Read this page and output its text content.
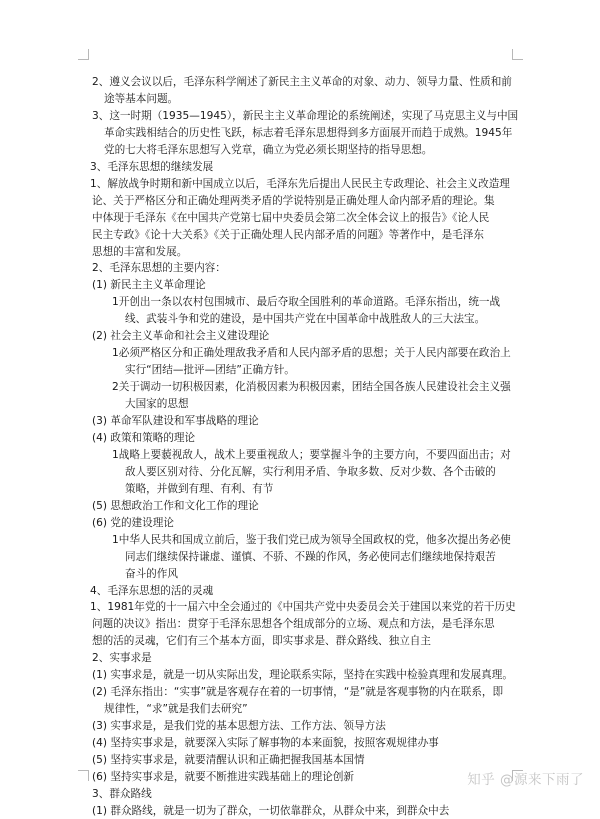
2、遵义会议以后，毛泽东科学阐述了新民主主义革命的对象、动力、领导力量、性质和前
途等基本问题。
3、这一时期（1935—1945），新民主主义革命理论的系统阐述，实现了马克思主义与中国
革命实践相结合的历史性飞跃，标志着毛泽东思想得到多方面展开而趋于成熟。1945年
党的七大将毛泽东思想写入党章，确立为党必须长期坚持的指导思想。
3、毛泽东思想的继续发展
1、解放战争时期和新中国成立以后，毛泽东先后提出人民民主专政理论、社会主义改造理
论、关于严格区分和正确处理两类矛盾的学说特别是正确处理人命内部矛盾的理论。集
中体现于毛泽东《在中国共产党第七届中央委员会第二次全体会议上的报告》《论人民
民主专政》《论十大关系》《关于正确处理人民内部矛盾的问题》等著作中，是毛泽东
思想的丰富和发展。
2、毛泽东思想的主要内容：
(1) 新民主主义革命理论
1开创出一条以农村包围城市、最后夺取全国胜利的革命道路。毛泽东指出，统一战
线、武装斗争和党的建设，是中国共产党在中国革命中战胜敌人的三大法宝。
(2) 社会主义革命和社会主义建设理论
1必须严格区分和正确处理敌我矛盾和人民内部矛盾的思想；关于人民内部要在政治上
实行“团结—批评—团结”正确方针。
2关于调动一切积极因素，化消极因素为积极因素，团结全国各族人民建设社会主义强
大国家的思想
(3) 革命军队建设和军事战略的理论
(4) 政策和策略的理论
1战略上要藐视敌人，战术上要重视敌人；要掌握斗争的主要方向，不要四面出击；对
敌人要区别对待、分化瓦解，实行利用矛盾、争取多数、反对少数、各个击破的
策略，并做到有理、有利、有节
(5) 思想政治工作和文化工作的理论
(6) 党的建设理论
1中华人民共和国成立前后，鉴于我们党已成为领导全国政权的党，他多次提出务必使
同志们继续保持谦虚、谨慎、不骄、不躁的作风，务必使同志们继续地保持艰苦
奋斗的作风
4、毛泽东思想的活的灵魂
1、1981年党的十一届六中全会通过的《中国共产党中央委员会关于建国以来党的若干历史
问题的决议》指出：贯穿于毛泽东思想各个组成部分的立场、观点和方法，是毛泽东思
想的活的灵魂，它们有三个基本方面，即实事求是、群众路线、独立自主
2、实事求是
(1) 实事求是，就是一切从实际出发，理论联系实际，坚持在实践中检验真理和发展真理。
(2) 毛泽东指出：“实事”就是客观存在着的一切事情，“是”就是客观事物的内在联系，即
规律性，“求”就是我们去研究”
(3) 实事求是，是我们党的基本思想方法、工作方法、领导方法
(4) 坚持实事求是，就要深入实际了解事物的本来面貌，按照客观规律办事
(5) 坚持实事求是，就要清醒认识和正确把握我国基本国情
(6) 坚持实事求是，就要不断推进实践基础上的理论创新
3、群众路线
(1) 群众路线，就是一切为了群众，一切依靠群众，从群众中来，到群众中去
知乎 @源来下雨了
